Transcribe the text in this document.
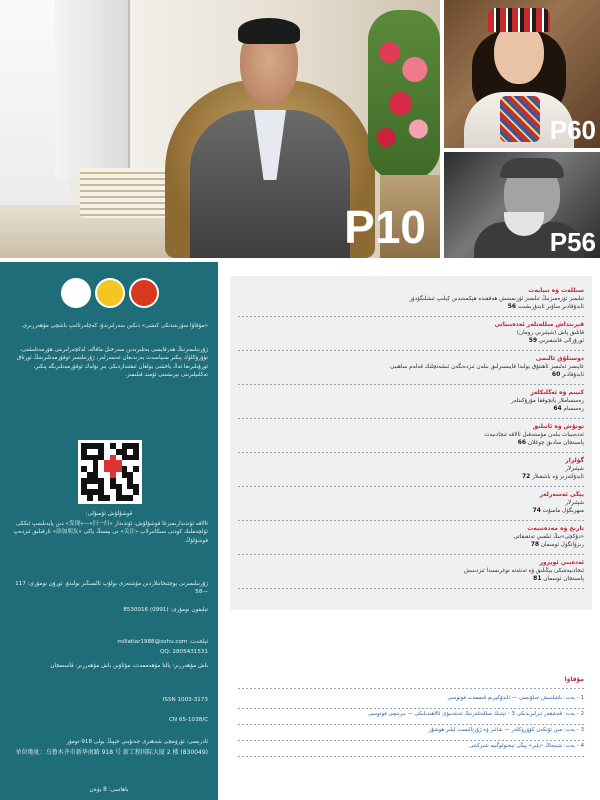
P10
P60
P56
«مۇقاۋا سۈرىتىدىكى كىشى» دىكىن سەرلىرىدۇ، كەچلەرئائىپ باشچى مۇھەررىرى.
ژۇرنىلىمىزنىڭ ھەرقايسى بەتلىرىدىن سەرخىل ماقالە، لەكچەرلىرىنى ھۆرمەتلىشنى، تۈۋرۈكلۈك پىكىر سىياسەت بەرىدىغان ئەسەرلەر، ژۇرنىلىمىز ئوقۇرمەنلىرىنىڭ ئورتاق ئورۇنلىرىغا ئەڭ ياخشى بولغان ئىقتىداردىكى بىر بۆلەك ئوقۇرمەنلىرىگە پىكىر، تەكلىپلىرىنى بېرىشىنى ئۈمىد قىلىمىز.
قوشۇلۇش ئۇسۇلى:
ئالاقە ئۈندىدارىمىزغا قوشۇلۇش، ئۈندىدار «发现»—«扫一扫» دىن پايدىلىنىپ ئىككى ئۆلچەملىك كودنى سىكانىرلاپ «关注» نى بېسىڭ ياكى «添加朋友» ئارقىلىق ئىزدەپ قوشۇلۇڭ.
ژۇرنىلىمىزنى پوچتىخانىلاردىن مۇشتەرى بولۇپ ئالسىڭىز بولىدۇ. ئورۇن نومۇرى: 117—58
تېلېفون نومۇرى: (0991) 8530016
ئېلخەت: millatlar1988@sohu.com
QQ: 2805431531
باش مۇھەررىر: پالتا مۇھەممەت، مۇئاۋىن باش مۇھەررىر: قاسىمجان
ISSN 1003-3173
CN 65-1038/C
ئادرېسى: ئۈرۈمچى شەھىرى جەنۇبىي خېپىڭ يولى 918-نومۇر
单位地址：乌鲁木齐市新华南路 918 号 新工程国际大厦 2 楼 (830049)
باھاسى: 8 يۈەن
سىللەت ۋە تىبابەت
تىلىمىز ئۈزەمىزنىڭ ئىلىمىز ئۈزىمىنىش ھەققىدە ھېكمىتىدىن كېلىپ ئىشلىگۈدۈر
ئابدۇقادىر ساۋىر ئابدۇرىشىت 56
قېرىنداش مىللەتلەر ئەدەبىياتى
قانلىق پاش (شېئىرىي رومان)
ئورۇزالى قاشقىرىي 59
دوستلۇق ئالىمى
غايىمىز ئەلىمىز ئاھىتۇق يولىدا قايىسىرلىق بىلەن ئىزدەنگەن ئىشەنچلىك قەلەم ساھىبى
ئابدۇقادىر 60
كىيىم ۋە ئەڭلىكلەر
رەسساملار يانچوققا مۇزۇكىتلەر
رەسسام 64
تونۇش ۋە ئانىلىق
ئەدەبىيات بىلەن مۇستەقىل ئالاقە ئىجادىيەت
پاسىنجان سادىق چوغلان 66
گۈلزار
شېئىرلار
ئابدۇلئەزىز ۋە باشقىلار 72
يېڭى ئەسەرلەر
شېئىرلار
مىھرىگۈل ماسۇت 74
تارىخ ۋە مەدەنىيەت
«دۇكچى»نىڭ ئىلمىي تەتقىقاتى
رىزۋانگۈل ئوسمان 78
ئەدەبىي ئوبزور
ئىجادىيەتتىكى يېڭىلىق ۋە ئەنئەنە توغرىسىدا ئىزدىنىش
پاسىنجان ئوسمان 81
مۇقاۋا
1 - بەت: باشلىنىش جىلۋىسى — ئابدۇكېرىم قىممەت فوتوسى
2 - بەت: قەشقەر ئىزلىرىدىكى 3 - ئېتنىك مىللەتلەرنىڭ ئەنئەنىۋى ئالاھىدىلىكى — بىرىنچى فوتوسى
3 - بەت: مىن ئۆتكەن كۆۋرۈكلەر — شائىر ۋە ژۇرنالىست لىلىر ھوشۇر
4 - بەت: شىنجاڭ «پلىر» يېڭى تېخنولوگىيە شىركىتى
